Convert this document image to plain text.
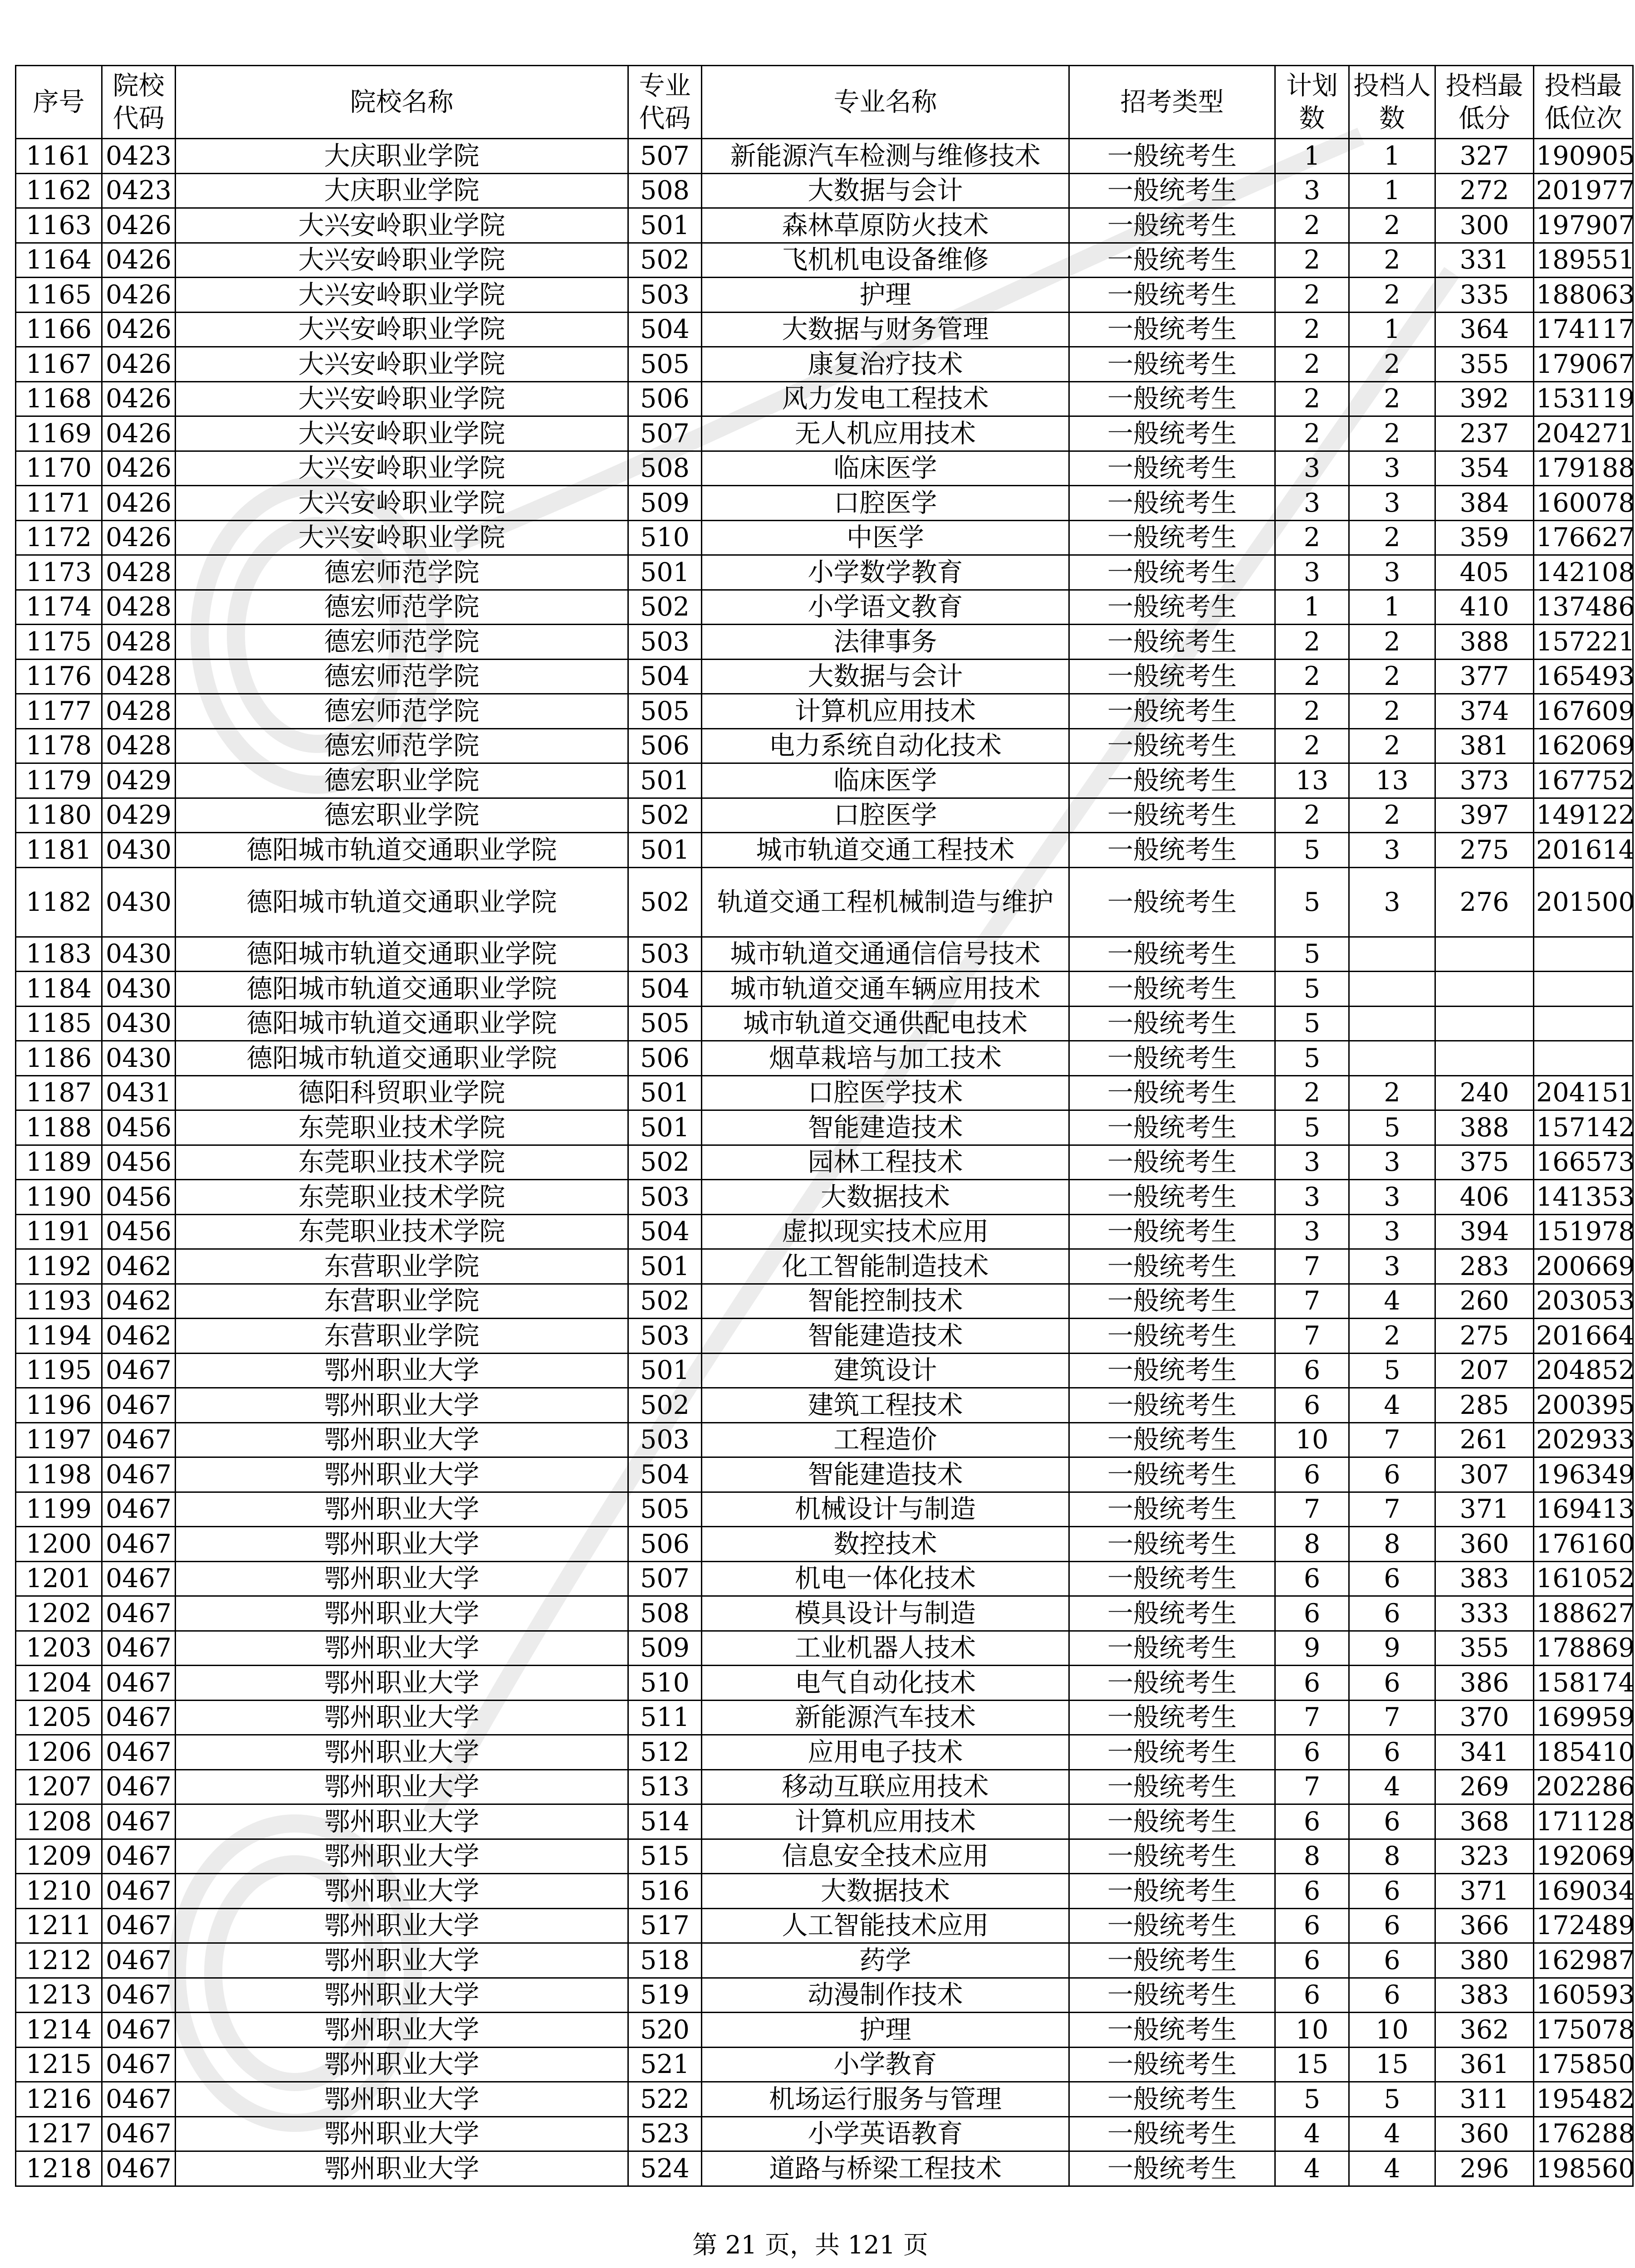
序号	院校代码	院校名称	专业代码	专业名称	招考类型	计划数	投档人数	投档最低分	投档最低位次
1161	0423	大庆职业学院	507	新能源汽车检测与维修技术	一般统考生	1	1	327	190905
1162	0423	大庆职业学院	508	大数据与会计	一般统考生	3	1	272	201977
1163	0426	大兴安岭职业学院	501	森林草原防火技术	一般统考生	2	2	300	197907
1164	0426	大兴安岭职业学院	502	飞机机电设备维修	一般统考生	2	2	331	189551
1165	0426	大兴安岭职业学院	503	护理	一般统考生	2	2	335	188063
1166	0426	大兴安岭职业学院	504	大数据与财务管理	一般统考生	2	1	364	174117
1167	0426	大兴安岭职业学院	505	康复治疗技术	一般统考生	2	2	355	179067
1168	0426	大兴安岭职业学院	506	风力发电工程技术	一般统考生	2	2	392	153119
1169	0426	大兴安岭职业学院	507	无人机应用技术	一般统考生	2	2	237	204271
1170	0426	大兴安岭职业学院	508	临床医学	一般统考生	3	3	354	179188
1171	0426	大兴安岭职业学院	509	口腔医学	一般统考生	3	3	384	160078
1172	0426	大兴安岭职业学院	510	中医学	一般统考生	2	2	359	176627
1173	0428	德宏师范学院	501	小学数学教育	一般统考生	3	3	405	142108
1174	0428	德宏师范学院	502	小学语文教育	一般统考生	1	1	410	137486
1175	0428	德宏师范学院	503	法律事务	一般统考生	2	2	388	157221
1176	0428	德宏师范学院	504	大数据与会计	一般统考生	2	2	377	165493
1177	0428	德宏师范学院	505	计算机应用技术	一般统考生	2	2	374	167609
1178	0428	德宏师范学院	506	电力系统自动化技术	一般统考生	2	2	381	162069
1179	0429	德宏职业学院	501	临床医学	一般统考生	13	13	373	167752
1180	0429	德宏职业学院	502	口腔医学	一般统考生	2	2	397	149122
1181	0430	德阳城市轨道交通职业学院	501	城市轨道交通工程技术	一般统考生	5	3	275	201614
1182	0430	德阳城市轨道交通职业学院	502	轨道交通工程机械制造与维护	一般统考生	5	3	276	201500
1183	0430	德阳城市轨道交通职业学院	503	城市轨道交通通信信号技术	一般统考生	5			
1184	0430	德阳城市轨道交通职业学院	504	城市轨道交通车辆应用技术	一般统考生	5			
1185	0430	德阳城市轨道交通职业学院	505	城市轨道交通供配电技术	一般统考生	5			
1186	0430	德阳城市轨道交通职业学院	506	烟草栽培与加工技术	一般统考生	5			
1187	0431	德阳科贸职业学院	501	口腔医学技术	一般统考生	2	2	240	204151
1188	0456	东莞职业技术学院	501	智能建造技术	一般统考生	5	5	388	157142
1189	0456	东莞职业技术学院	502	园林工程技术	一般统考生	3	3	375	166573
1190	0456	东莞职业技术学院	503	大数据技术	一般统考生	3	3	406	141353
1191	0456	东莞职业技术学院	504	虚拟现实技术应用	一般统考生	3	3	394	151978
1192	0462	东营职业学院	501	化工智能制造技术	一般统考生	7	3	283	200669
1193	0462	东营职业学院	502	智能控制技术	一般统考生	7	4	260	203053
1194	0462	东营职业学院	503	智能建造技术	一般统考生	7	2	275	201664
1195	0467	鄂州职业大学	501	建筑设计	一般统考生	6	5	207	204852
1196	0467	鄂州职业大学	502	建筑工程技术	一般统考生	6	4	285	200395
1197	0467	鄂州职业大学	503	工程造价	一般统考生	10	7	261	202933
1198	0467	鄂州职业大学	504	智能建造技术	一般统考生	6	6	307	196349
1199	0467	鄂州职业大学	505	机械设计与制造	一般统考生	7	7	371	169413
1200	0467	鄂州职业大学	506	数控技术	一般统考生	8	8	360	176160
1201	0467	鄂州职业大学	507	机电一体化技术	一般统考生	6	6	383	161052
1202	0467	鄂州职业大学	508	模具设计与制造	一般统考生	6	6	333	188627
1203	0467	鄂州职业大学	509	工业机器人技术	一般统考生	9	9	355	178869
1204	0467	鄂州职业大学	510	电气自动化技术	一般统考生	6	6	386	158174
1205	0467	鄂州职业大学	511	新能源汽车技术	一般统考生	7	7	370	169959
1206	0467	鄂州职业大学	512	应用电子技术	一般统考生	6	6	341	185410
1207	0467	鄂州职业大学	513	移动互联应用技术	一般统考生	7	4	269	202286
1208	0467	鄂州职业大学	514	计算机应用技术	一般统考生	6	6	368	171128
1209	0467	鄂州职业大学	515	信息安全技术应用	一般统考生	8	8	323	192069
1210	0467	鄂州职业大学	516	大数据技术	一般统考生	6	6	371	169034
1211	0467	鄂州职业大学	517	人工智能技术应用	一般统考生	6	6	366	172489
1212	0467	鄂州职业大学	518	药学	一般统考生	6	6	380	162987
1213	0467	鄂州职业大学	519	动漫制作技术	一般统考生	6	6	383	160593
1214	0467	鄂州职业大学	520	护理	一般统考生	10	10	362	175078
1215	0467	鄂州职业大学	521	小学教育	一般统考生	15	15	361	175850
1216	0467	鄂州职业大学	522	机场运行服务与管理	一般统考生	5	5	311	195482
1217	0467	鄂州职业大学	523	小学英语教育	一般统考生	4	4	360	176288
1218	0467	鄂州职业大学	524	道路与桥梁工程技术	一般统考生	4	4	296	198560
第 21 页，共 121 页
